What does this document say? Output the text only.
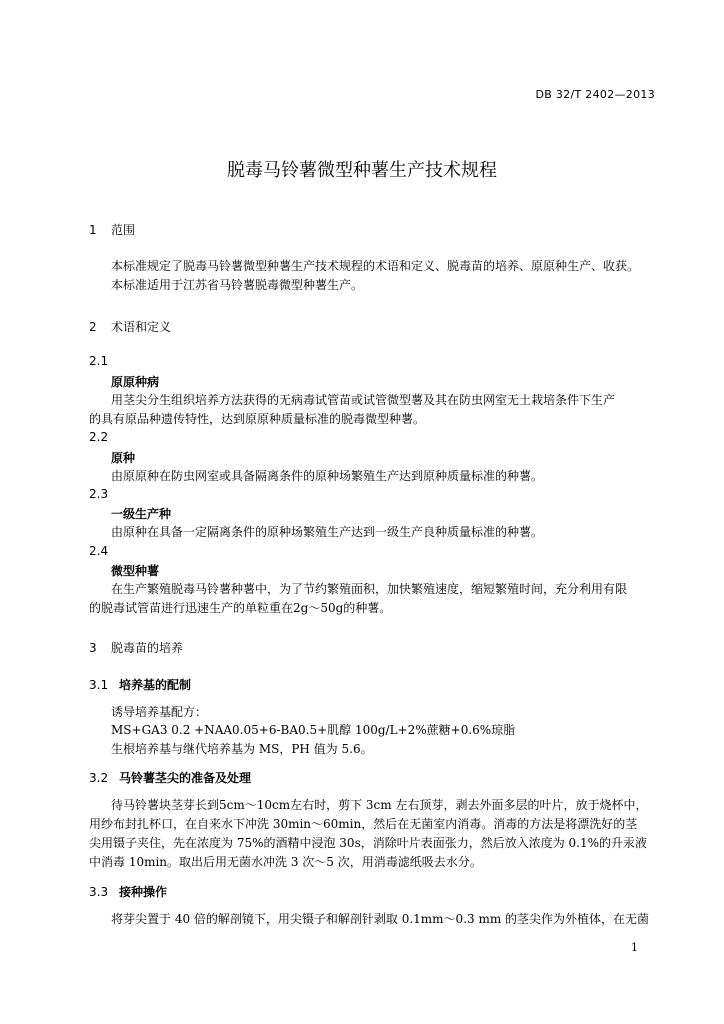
DB 32/T 2402—2013
脱毒马铃薯微型种薯生产技术规程
1 范围
本标准规定了脱毒马铃薯微型种薯生产技术规程的术语和定义、脱毒苗的培养、原原种生产、收获。
本标准适用于江苏省马铃薯脱毒微型种薯生产。
2 术语和定义
2.1
原原种病
用茎尖分生组织培养方法获得的无病毒试管苗或试管微型薯及其在防虫网室无土栽培条件下生产
的具有原品种遗传特性，达到原原种质量标准的脱毒微型种薯。
2.2
原种
由原原种在防虫网室或具备隔离条件的原种场繁殖生产达到原种质量标准的种薯。
2.3
一级生产种
由原种在具备一定隔离条件的原种场繁殖生产达到一级生产良种质量标准的种薯。
2.4
微型种薯
在生产繁殖脱毒马铃薯种薯中，为了节约繁殖面积，加快繁殖速度，缩短繁殖时间，充分利用有限
的脱毒试管苗进行迅速生产的单粒重在2g～50g的种薯。
3 脱毒苗的培养
3.1 培养基的配制
诱导培养基配方：
MS+GA3 0.2 +NAA0.05+6-BA0.5+肌醇 100g/L+2%蔗糖+0.6%琼脂
生根培养基与继代培养基为 MS，PH 值为 5.6。
3.2 马铃薯茎尖的准备及处理
待马铃薯块茎芽长到5cm～10cm左右时，剪下 3cm 左右顶芽，剥去外面多层的叶片，放于烧杯中，
用纱布封扎杯口，在自来水下冲洗 30min～60min，然后在无菌室内消毒。消毒的方法是将漂洗好的茎
尖用镊子夹住，先在浓度为 75%的酒精中浸泡 30s，消除叶片表面张力，然后放入浓度为 0.1%的升汞液
中消毒 10min。取出后用无菌水冲洗 3 次～5 次，用消毒滤纸吸去水分。
3.3 接种操作
将芽尖置于 40 倍的解剖镜下，用尖镊子和解剖针剥取 0.1mm～0.3 mm 的茎尖作为外植体，在无菌
1
